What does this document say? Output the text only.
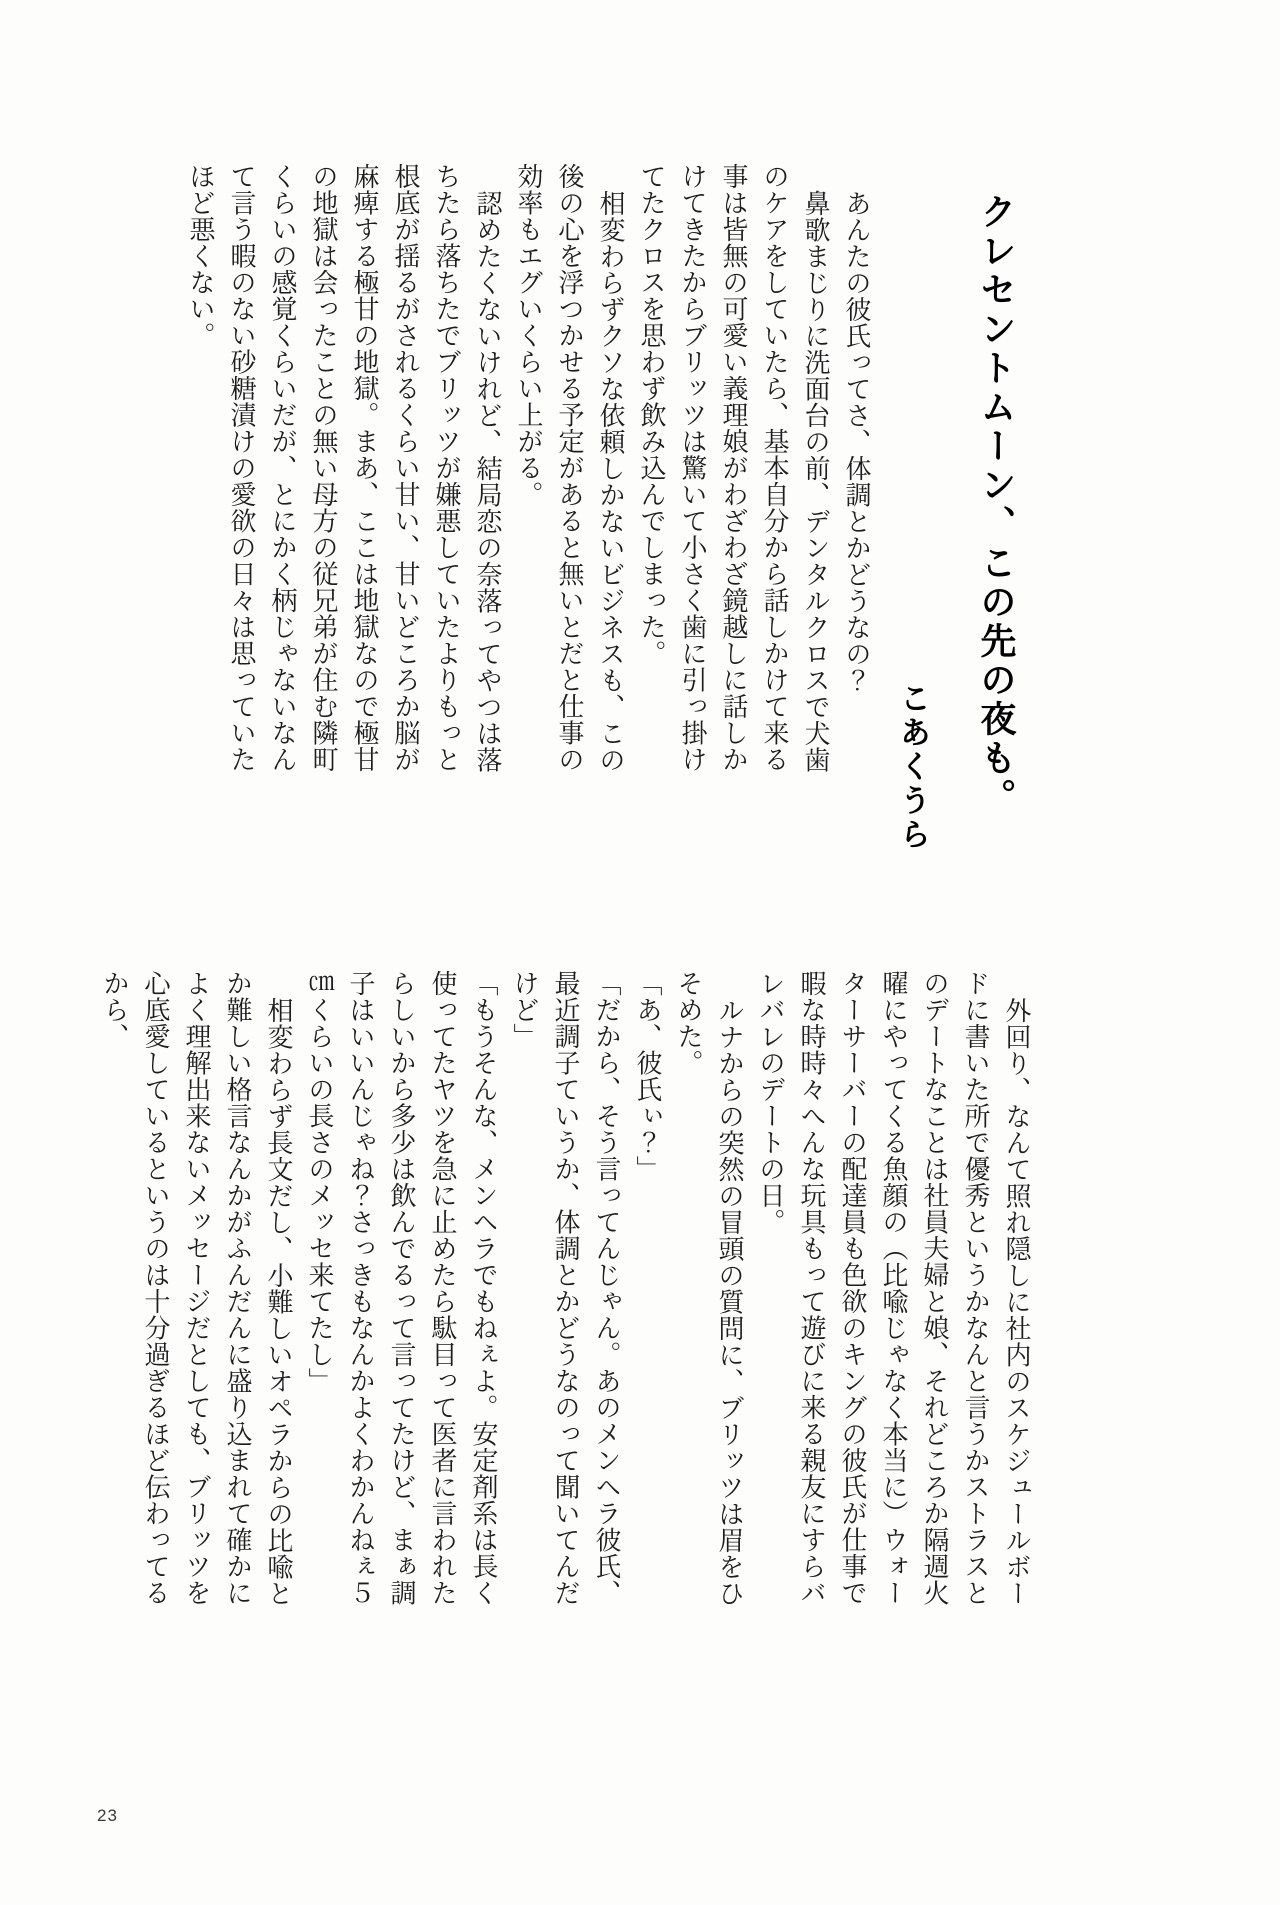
クレセントムーン、この先の夜も。
こあくうら

あんたの彼氏ってさ、体調とかどうなの？

鼻歌まじりに洗面台の前、デンタルクロスで犬歯のケアをしていたら、基本自分から話しかけて来る事は皆無の可愛い義理娘がわざわざ鏡越しに話しかけてきたからブリッツは驚いて小さく歯に引っ掛けてたクロスを思わず飲み込んでしまった。

相変わらずクソな依頼しかないビジネスも、この後の心を浮つかせる予定があると無いとだと仕事の効率もエグいくらい上がる。

認めたくないけれど、結局恋の奈落ってやつは落ちたら落ちたでブリッツが嫌悪していたよりもっと根底が揺るがされるくらい甘い、甘いどころか脳が麻痺する極甘の地獄。まあ、ここは地獄なので極甘の地獄は会ったことの無い母方の従兄弟が住む隣町くらいの感覚くらいだが、とにかく柄じゃないなんて言う暇のない砂糖漬けの愛欲の日々は思っていたほど悪くない。

外回り、なんて照れ隠しに社内のスケジュールボードに書いた所で優秀というかなんと言うかストラスとのデートなことは社員夫婦と娘、それどころか隔週火曜にやってくる魚顔の（比喩じゃなく本当に）ウォーターサーバーの配達員も色欲のキングの彼氏が仕事で暇な時時々へんな玩具もって遊びに来る親友にすらバレバレのデートの日。

ルナからの突然の冒頭の質問に、ブリッツは眉をひそめた。

「あ、彼氏ぃ？」

「だから、そう言ってんじゃん。あのメンヘラ彼氏、最近調子ていうか、体調とかどうなのって聞いてんだけど」

「もうそんな、メンヘラでもねぇよ。安定剤系は長く使ってたヤツを急に止めたら駄目って医者に言われたらしいから多少は飲んでるって言ってたけど、まぁ調子はいいんじゃね？さっきもなんかよくわかんねぇ５㎝くらいの長さのメッセ来てたし」

相変わらず長文だし、小難しいオペラからの比喩とか難しい格言なんかがふんだんに盛り込まれて確かによく理解出来ないメッセージだとしても、ブリッツを心底愛しているというのは十分過ぎるほど伝わってるから、

23
